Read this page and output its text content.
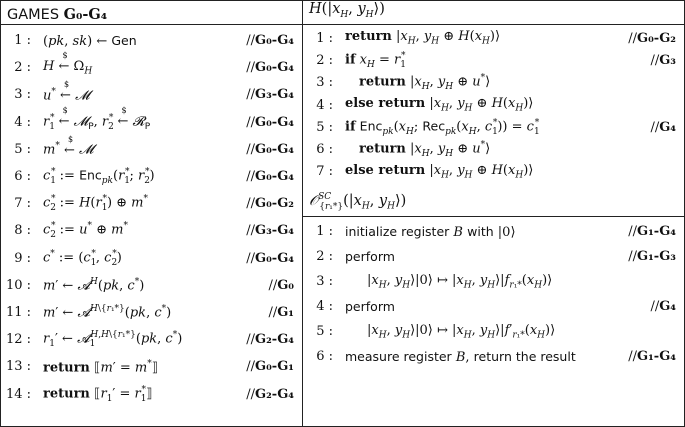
GAMES
G₀-G₄
1 : (pk, sk) ← Gen	//G₀-G₄
2 : H ←
$
$\Omega_H$	//G₀-G₄
3 : u* ←
$
𝓜	//G₃-G₄
4 : $r_1^*$ ←
$
𝓜$_P$, $r_2^*$ ←
$
𝓡$_P$	//G₀-G₄
5 : m* ←
$
𝓜	//G₀-G₄
6 : $c_1^*$ := $Enc_{pk}(r_1^*$; $r_2^*$)	//G₀-G₄
7 : $c_2^*$ := $H(r_1^*)$ ⊕ m*	//G₀-G₂
8 : $c_2^*$ := u* ⊕ m*	//G₃-G₄
9 : c* := ($c_1^*$, $c_2^*$)	//G₀-G₄
10 : m′ ← 𝓐$^H$(pk, c*)	//G₀
11 : m′ ← 𝓐$^{H\backslash\{r_1*\}}$(pk, c*)	//G₁
12 : $r_1'$ ← 𝓐$_1^{H,H\backslash\{r_1*\}}$(pk, c*)	//G₂-G₄
13 : return ⟦m′ = m*⟧	//G₀-G₁
14 : return $⟦r_1'$ = $r_1^*⟧$	//G₂-G₄
$H(|x_H$, $y_H⟩$)
1 : return $|x_H$, $y_H$ ⊕ $H(x_H)⟩$	//G₀-G₂
2 : if $x_H = r_1^*$	//G₃
3 :	return $|x_H$, $y_H$ ⊕ u*⟩
4 : else return $|x_H$, $y_H$ ⊕ $H(x_H)⟩$
5 : if $Enc_{pk}(x_H$; $Rec_{pk}(x_H$, $c_1^*)) = c_1^*$	//G₄
6 :	return $|x_H$, $y_H$ ⊕ u*⟩
7 : else return $|x_H$, $y_H$ ⊕ $H(x_H)⟩$
$𝒪^{SC}_{\{r_1*\}}(|x_H$, $y_H⟩$)
1 : initialize register B with |0⟩	//G₁-G₄
2 : perform	//G₁-G₃
3 :	$|x_H$, $y_H⟩|0⟩$ ↦ $|x_H$, $y_H⟩|f_{r_1*}(x_H)⟩$
4 : perform	//G₄
5 :	$|x_H$, $y_H⟩|0⟩$ ↦ $|x_H$, $y_H⟩|f'_{r_1*}(x_H)⟩$
6 : measure register B, return the result	//G₁-G₄
